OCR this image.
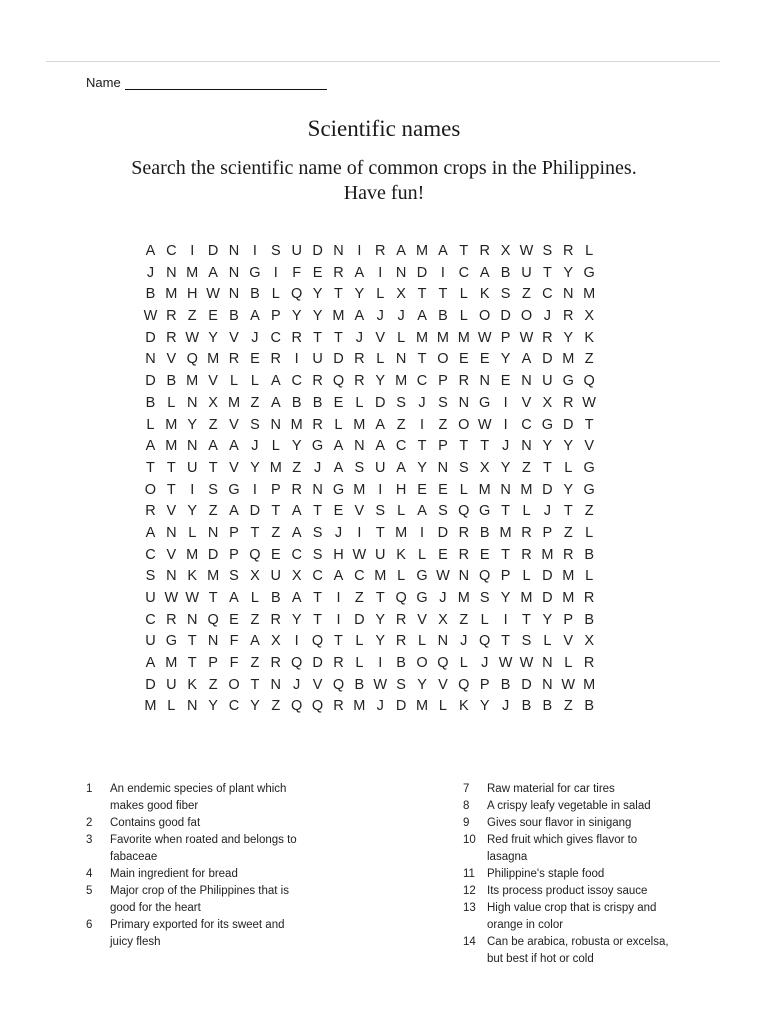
Name
Scientific names
Search the scientific name of common crops in the Philippines.
Have fun!
A C I D N I S U D N I R A M A T R X W S R L
J N M A N G I F E R A I N D I C A B U T Y G
B M H W N B L Q Y T Y L X T T L K S Z C N M
W R Z E B A P Y Y M A J J A B L O D O J R X
D R W Y V J C R T T J V L M M M W P W R Y K
N V Q M R E R I U D R L N T O E E Y A D M Z
D B M V L L A C R Q R Y M C P R N E N U G Q
B L N X M Z A B B E L D S J S N G I V X R W
L M Y Z V S N M R L M A Z I Z O W I C G D T
A M N A A J L Y G A N A C T P T T J N Y Y V
T T U T V Y M Z J A S U A Y N S X Y Z T L G
O T I S G I P R N G M I H E E L M N M D Y G
R V Y Z A D T A T E V S L A S Q G T L J T Z
A N L N P T Z A S J	I T M I D R B M R P Z L
C V M D P Q E C S H W U K L E R E T R M R B
S N K M S X U X C A C M L G W N Q P L D M L
U W W T A L B A T I Z T Q G J M S Y M D M R
C R N Q E Z R Y T I D Y R V X Z L	I T Y P B
U G T N F A X I Q T L Y R L N J Q T S L V X
A M T P F Z R Q D R L	I B O Q L J W W N L R
D U K Z O T N J V Q B W S Y V Q P B D N W M
M L N Y C Y Z Q Q R M J D M L K Y J B B Z B
1	An endemic species of plant which
makes good fiber
2	Contains good fat
3	Favorite when roated and belongs to
fabaceae
4	Main ingredient for bread
5	Major crop of the Philippines that is
good for the heart
6	Primary exported for its sweet and
juicy flesh
7	Raw material for car tires
8	A crispy leafy vegetable in salad
9	Gives sour flavor in sinigang
10 Red fruit which gives flavor to
lasagna
11	Philippine's staple food
12 Its process product issoy sauce
13 High value crop that is crispy and
orange in color
14 Can be arabica, robusta or excelsa,
but best if hot or cold
